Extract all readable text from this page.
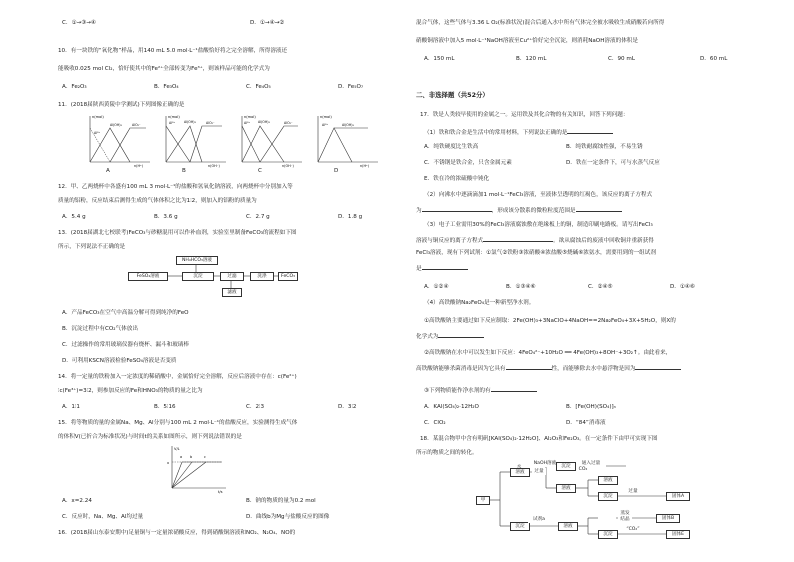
C．①→③→④	D．①→④→②
10．有一块铁的“氧化物”样品，用140 mL 5.0 mol·L⁻¹盐酸恰好将之完全溶解，所得溶液还
能吸收0.025 mol Cl₂，恰好使其中的Fe²⁺全部转变为Fe³⁺，则该样品可能的化学式为
A．Fe₂O₃	B．Fe₃O₄	C．Fe₄O₅	D．Fe₅O₇
11．(2018届陕西黄陵中学测试)下列图像正确的是
n(mol)
n(H⁺)
Al³⁺
Al(OH)₃	AlO₂⁻
n(mol)
n(OH⁻)
Al³⁺	Al(OH)₃	AlO₂⁻
n(mol)
n(OH⁻)
Al³⁺ Al(OH)₃	AlO₂⁻
n(mol)
n(H⁺)
Al³⁺	Al(OH)₃
A	B	C	D
12．甲、乙两烧杯中各盛有100 mL 3 mol·L⁻¹的盐酸和氢氧化钠溶液，向两烧杯中分别加入等
质量的铝粉，反应结束后测得生成的气体体积之比为1∶2，则加入的铝粉的质量为
A．5.4 g	B．3.6 g	C．2.7 g	D．1.8 g
13．(2018届湖北七校联考)FeCO₃与砂糖混用可以作补血剂，实验室里制备FeCO₃的流程如下图
所示，下列说法不正确的是
NH₄HCO₃溶液
FeSO₄溶液	沉淀	过滤	洗涤	FeCO₃
滤液
A．产品FeCO₃在空气中高温分解可得到纯净的FeO
B．沉淀过程中有CO₂气体放出
C．过滤操作的常用玻璃仪器有烧杯、漏斗和玻璃棒
D．可利用KSCN溶液检验FeSO₄溶液是否变质
14．将一定量的铁粉加入一定浓度的稀硝酸中，金属恰好完全溶解，反应后溶液中存在：c(Fe²⁺)
∶c(Fe³⁺)=3∶2，则参加反应的Fe和HNO₃的物质的量之比为
A．1∶1	B．5∶16	C．2∶3	D．3∶2
15．将等物质的量的金属Na、Mg、Al分别与100 mL 2 mol·L⁻¹的盐酸反应，实验测得生成气体
的体积V(已折合为标准状况)与时间t的关系如图所示，则下列说法错误的是
V/L
t/s
x
a b	c
A．x=2.24	B．钠的物质的量为0.2 mol
C．反应时，Na、Mg、Al均过量	D．曲线b为Mg与盐酸反应的图像
16．(2018届山东泰安期中)足量铜与一定量浓硝酸反应，得到硝酸铜溶液和NO₂、N₂O₄、NO的
混合气体，这些气体与3.36 L O₂(标准状况)混合后通入水中所有气体完全被水吸收生成硝酸若向所得
硝酸铜溶液中加入5 mol·L⁻¹NaOH溶液至Cu²⁺恰好完全沉淀，则消耗NaOH溶液的体积是
A．150 mL	B．120 mL	C．90 mL	D．60 mL
二、非选择题（共52分）
17．铁是人类较早使用的金属之一。运用铁及其化合物的有关知识，回答下列问题：
（1）铁和铁合金是生活中的常用材料，下列说法正确的是
A．纯铁硬度比生铁高	B．纯铁耐腐蚀性强，不易生锈
C．不锈钢是铁合金，只含金属元素	D．铁在一定条件下，可与水蒸气反应
E．铁在冷的浓硫酸中钝化
（2）向沸水中逐滴滴加1 mol·L⁻¹FeCl₃溶液，至液体呈透明的红褐色，该反应的离子方程式
为	，形成该分散系的微粒粒度范围是
（3）电子工业需用30%的FeCl₃溶液腐蚀敷在绝缘板上的铜，制造印刷电路板。请写出FeCl₃
溶液与铜反应的离子方程式	。欲从腐蚀后的废液中回收铜并重新获得
FeCl₃溶液，现有下列试剂：①氯气②铁粉③浓硝酸④浓盐酸⑤烧碱⑥浓氨水，需要用到的一组试剂
是
A．①②④	B．①③④⑥	C．②④⑤	D．①④⑥
（4）高铁酸钠Na₂FeO₄是一种新型净水剂。
①高铁酸钠主要通过如下反应制取：2Fe(OH)₃+3NaClO+4NaOH==2Na₂FeO₄+3X+5H₂O，则X的
化学式为
②高铁酸钠在水中可以发生如下反应：4FeO₄²⁻+10H₂O ══ 4Fe(OH)₃+8OH⁻+3O₂↑。由此看来，
高铁酸钠能够杀菌消毒是因为它具有	性，而能够除去水中悬浮物是因为
③下列物质能作净水剂的有
A．KAl(SO₄)₂·12H₂O	B．[Fe(OH)(SO₄)]ₙ
C．ClO₂	D．“84”消毒液
18．某混合物甲中含有明矾[KAl(SO₄)₂·12H₂O]、Al₂O₃和Fe₂O₃。在一定条件下由甲可实现下图
所示的物质之间的转化。
甲
溶液
沉淀
NaOH溶液
过量
沉淀
溶液
通入过量
CO₂
试剂a
溶液
沉淀
溶液
蒸发
结晶	固体B
过量
固体A
沉淀
“CO₂”
固体E
